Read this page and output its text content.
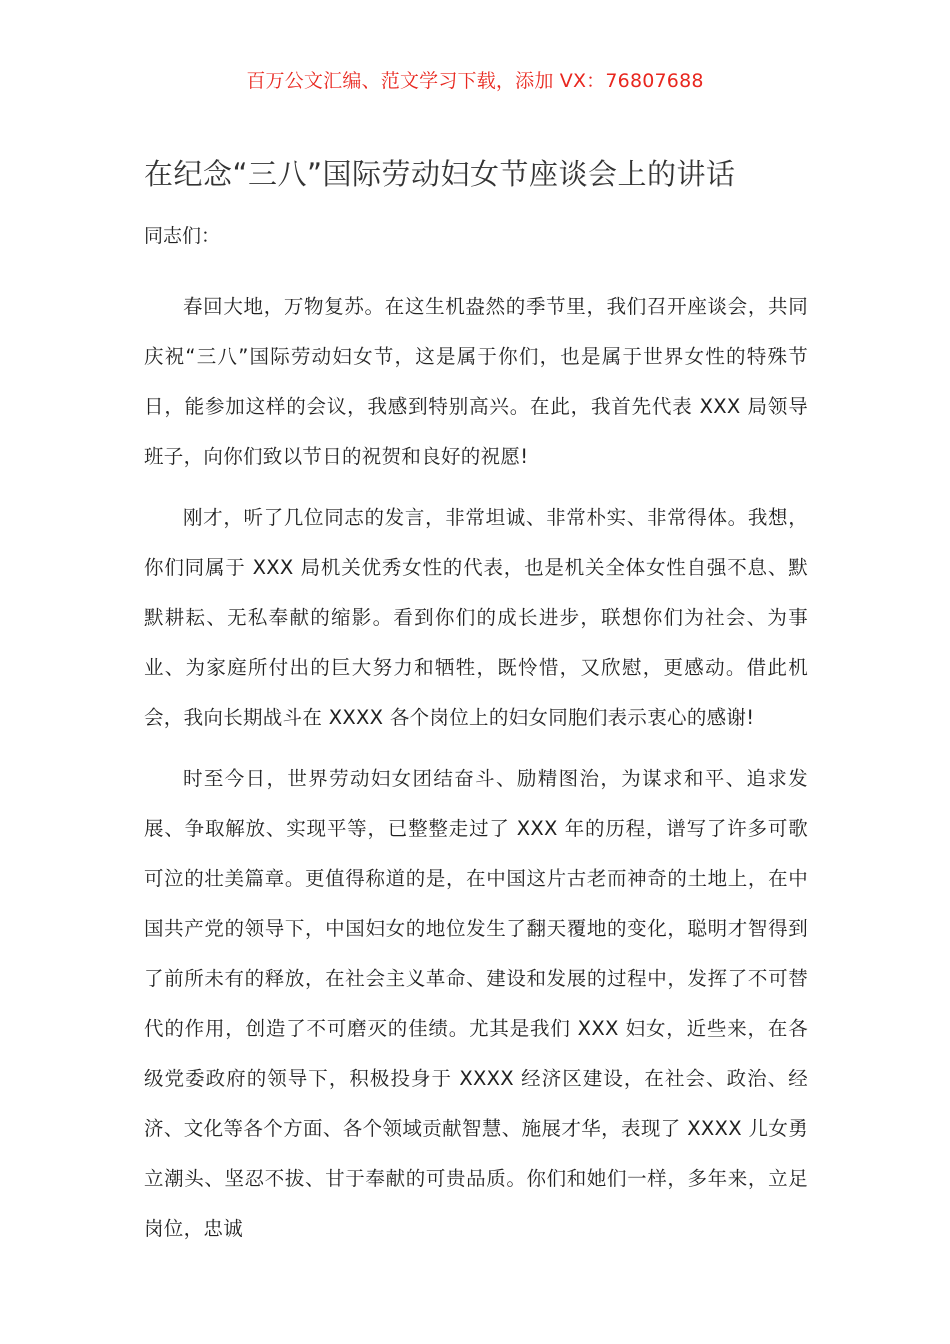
百万公文汇编、范文学习下载，添加 VX：76807688
在纪念“三八”国际劳动妇女节座谈会上的讲话
同志们：

春回大地，万物复苏。在这生机盎然的季节里，我们召开座谈会，共同庆祝“三八”国际劳动妇女节，这是属于你们，也是属于世界女性的特殊节日，能参加这样的会议，我感到特别高兴。在此，我首先代表 XXX 局领导班子，向你们致以节日的祝贺和良好的祝愿!

刚才，听了几位同志的发言，非常坦诚、非常朴实、非常得体。我想，你们同属于 XXX 局机关优秀女性的代表，也是机关全体女性自强不息、默默耕耘、无私奉献的缩影。看到你们的成长进步，联想你们为社会、为事业、为家庭所付出的巨大努力和牺牲，既怜惜，又欣慰，更感动。借此机会，我向长期战斗在 XXXX 各个岗位上的妇女同胞们表示衷心的感谢!

时至今日，世界劳动妇女团结奋斗、励精图治，为谋求和平、追求发展、争取解放、实现平等，已整整走过了 XXX 年的历程，谱写了许多可歌可泣的壮美篇章。更值得称道的是，在中国这片古老而神奇的土地上，在中国共产党的领导下，中国妇女的地位发生了翻天覆地的变化，聪明才智得到了前所未有的释放，在社会主义革命、建设和发展的过程中，发挥了不可替代的作用，创造了不可磨灭的佳绩。尤其是我们 XXX 妇女，近些来，在各级党委政府的领导下，积极投身于 XXXX 经济区建设，在社会、政治、经济、文化等各个方面、各个领域贡献智慧、施展才华，表现了 XXXX 儿女勇立潮头、坚忍不拔、甘于奉献的可贵品质。你们和她们一样，多年来，立足岗位，忠诚
